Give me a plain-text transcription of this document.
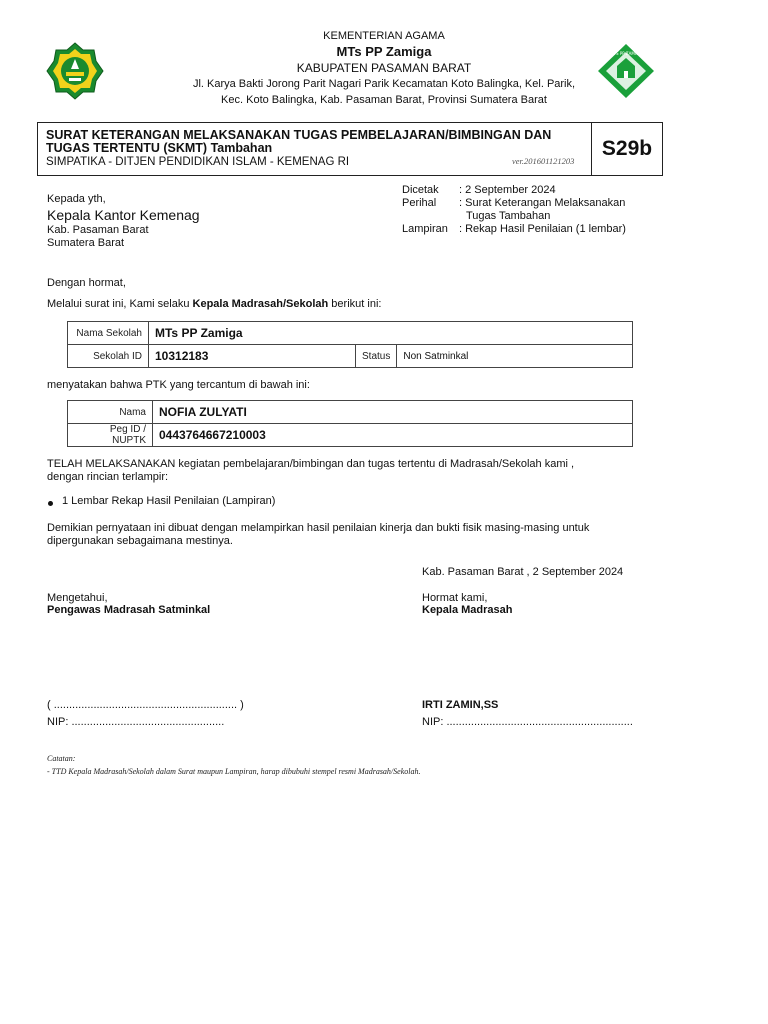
MTS PP ZAMIGA
KEMENTERIAN AGAMA
MTs PP Zamiga
KABUPATEN PASAMAN BARAT
Jl. Karya Bakti Jorong Parit Nagari Parik Kecamatan Koto Balingka, Kel. Parik,
Kec. Koto Balingka, Kab. Pasaman Barat, Provinsi Sumatera Barat
SURAT KETERANGAN MELAKSANAKAN TUGAS PEMBELAJARAN/BIMBINGAN DAN TUGAS TERTENTU (SKMT) Tambahan
SIMPATIKA - DITJEN PENDIDIKAN ISLAM - KEMENAG RI	ver.201601121203
S29b
Kepada yth,
Kepala Kantor Kemenag
Kab. Pasaman Barat
Sumatera Barat
Dicetak : 2 September 2024
Perihal : Surat Keterangan Melaksanakan
Tugas Tambahan
Lampiran : Rekap Hasil Penilaian (1 lembar)
Dengan hormat,
Melalui surat ini, Kami selaku Kepala Madrasah/Sekolah berikut ini:
Nama Sekolah	MTs PP Zamiga		
Sekolah ID	10312183	Status	Non Satminkal
menyatakan bahwa PTK yang tercantum di bawah ini:
Nama	NOFIA ZULYATI
Peg ID / NUPTK	0443764667210003
TELAH MELAKSANAKAN kegiatan pembelajaran/bimbingan dan tugas tertentu di Madrasah/Sekolah kami ,
dengan rincian terlampir:
1 Lembar Rekap Hasil Penilaian (Lampiran)
Demikian pernyataan ini dibuat dengan melampirkan hasil penilaian kinerja dan bukti fisik masing-masing untuk
dipergunakan sebagaimana mestinya.
Kab. Pasaman Barat , 2 September 2024
Mengetahui,
Pengawas Madrasah Satminkal
Hormat kami,
Kepala Madrasah
( ............................................................ )
NIP: ..................................................
IRTI ZAMIN,SS
NIP: .............................................................
Catatan:
- TTD Kepala Madrasah/Sekolah dalam Surat maupun Lampiran, harap dibubuhi stempel resmi Madrasah/Sekolah.
